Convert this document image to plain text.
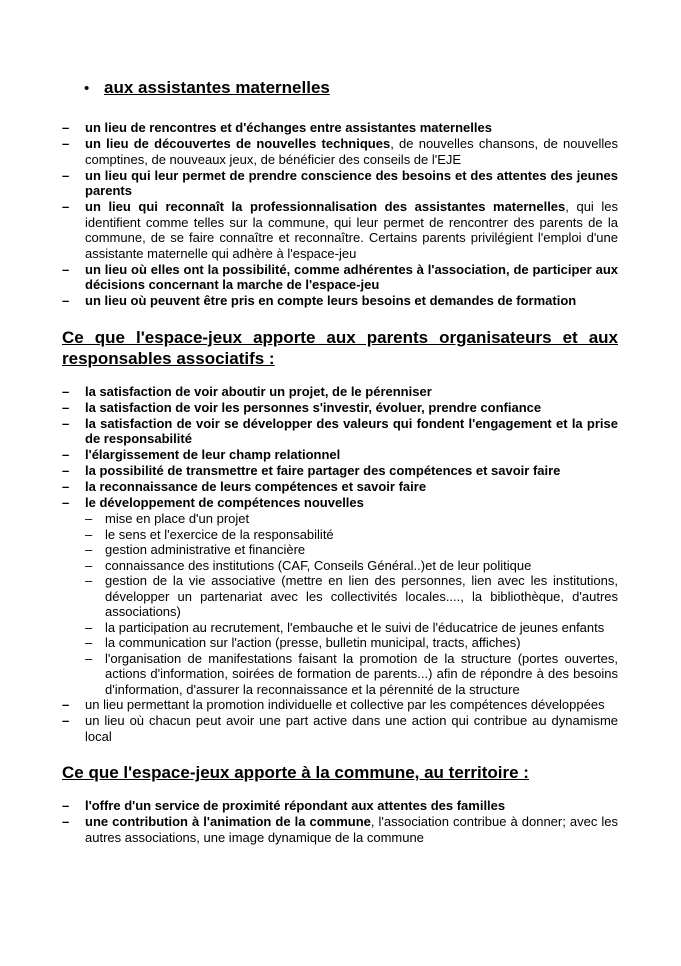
• aux assistantes maternelles
–	un lieu de rencontres et d'échanges entre assistantes maternelles
–	un lieu de découvertes de nouvelles techniques, de nouvelles chansons, de nouvelles comptines, de nouveaux jeux, de bénéficier des conseils de l'EJE
–	un lieu qui leur permet de prendre conscience des besoins et des attentes des jeunes parents
–	un lieu qui reconnaît la professionnalisation des assistantes maternelles, qui les identifient comme telles sur la commune, qui leur permet de rencontrer des parents de la commune, de se faire connaître et reconnaître. Certains parents privilégient l'emploi d'une assistante maternelle qui adhère à l'espace-jeu
–	un lieu où elles ont la possibilité, comme adhérentes à l'association, de participer aux décisions concernant la marche de l'espace-jeu
–	un lieu où peuvent être pris en compte leurs besoins et demandes de formation
Ce que l'espace-jeux apporte aux parents organisateurs et aux responsables associatifs :
–	la satisfaction de voir aboutir un projet, de le pérenniser
–	la satisfaction de voir les personnes s'investir, évoluer, prendre confiance
–	la satisfaction de voir se développer des valeurs qui fondent l'engagement et la prise de responsabilité
–	l'élargissement de leur champ relationnel
–	la possibilité de transmettre et faire partager des compétences et savoir faire
–	la reconnaissance de leurs compétences et savoir faire
–	le développement de compétences nouvelles
– mise en place d'un projet
– le sens et l'exercice de la responsabilité
– gestion administrative et financière
– connaissance des institutions (CAF, Conseils Général..)et de leur politique
– gestion de la vie associative (mettre en lien des personnes, lien avec les institutions, développer un partenariat avec les collectivités locales...., la bibliothèque, d'autres associations)
– la participation au recrutement, l'embauche et le suivi de l'éducatrice de jeunes enfants
– la communication sur l'action (presse, bulletin municipal, tracts, affiches)
– l'organisation de manifestations faisant la promotion de la structure (portes ouvertes, actions d'information, soirées de formation de parents...) afin de répondre à des besoins d'information, d'assurer la reconnaissance et la pérennité de la structure
–	un lieu permettant la promotion individuelle et collective par les compétences développées
–	un lieu où chacun peut avoir une part active dans une action qui contribue au dynamisme local
Ce que l'espace-jeux apporte à la commune, au territoire :
–	l'offre d'un service de proximité répondant aux attentes des familles
–	une contribution à l'animation de la commune, l'association contribue à donner; avec les autres associations, une image dynamique de la commune
